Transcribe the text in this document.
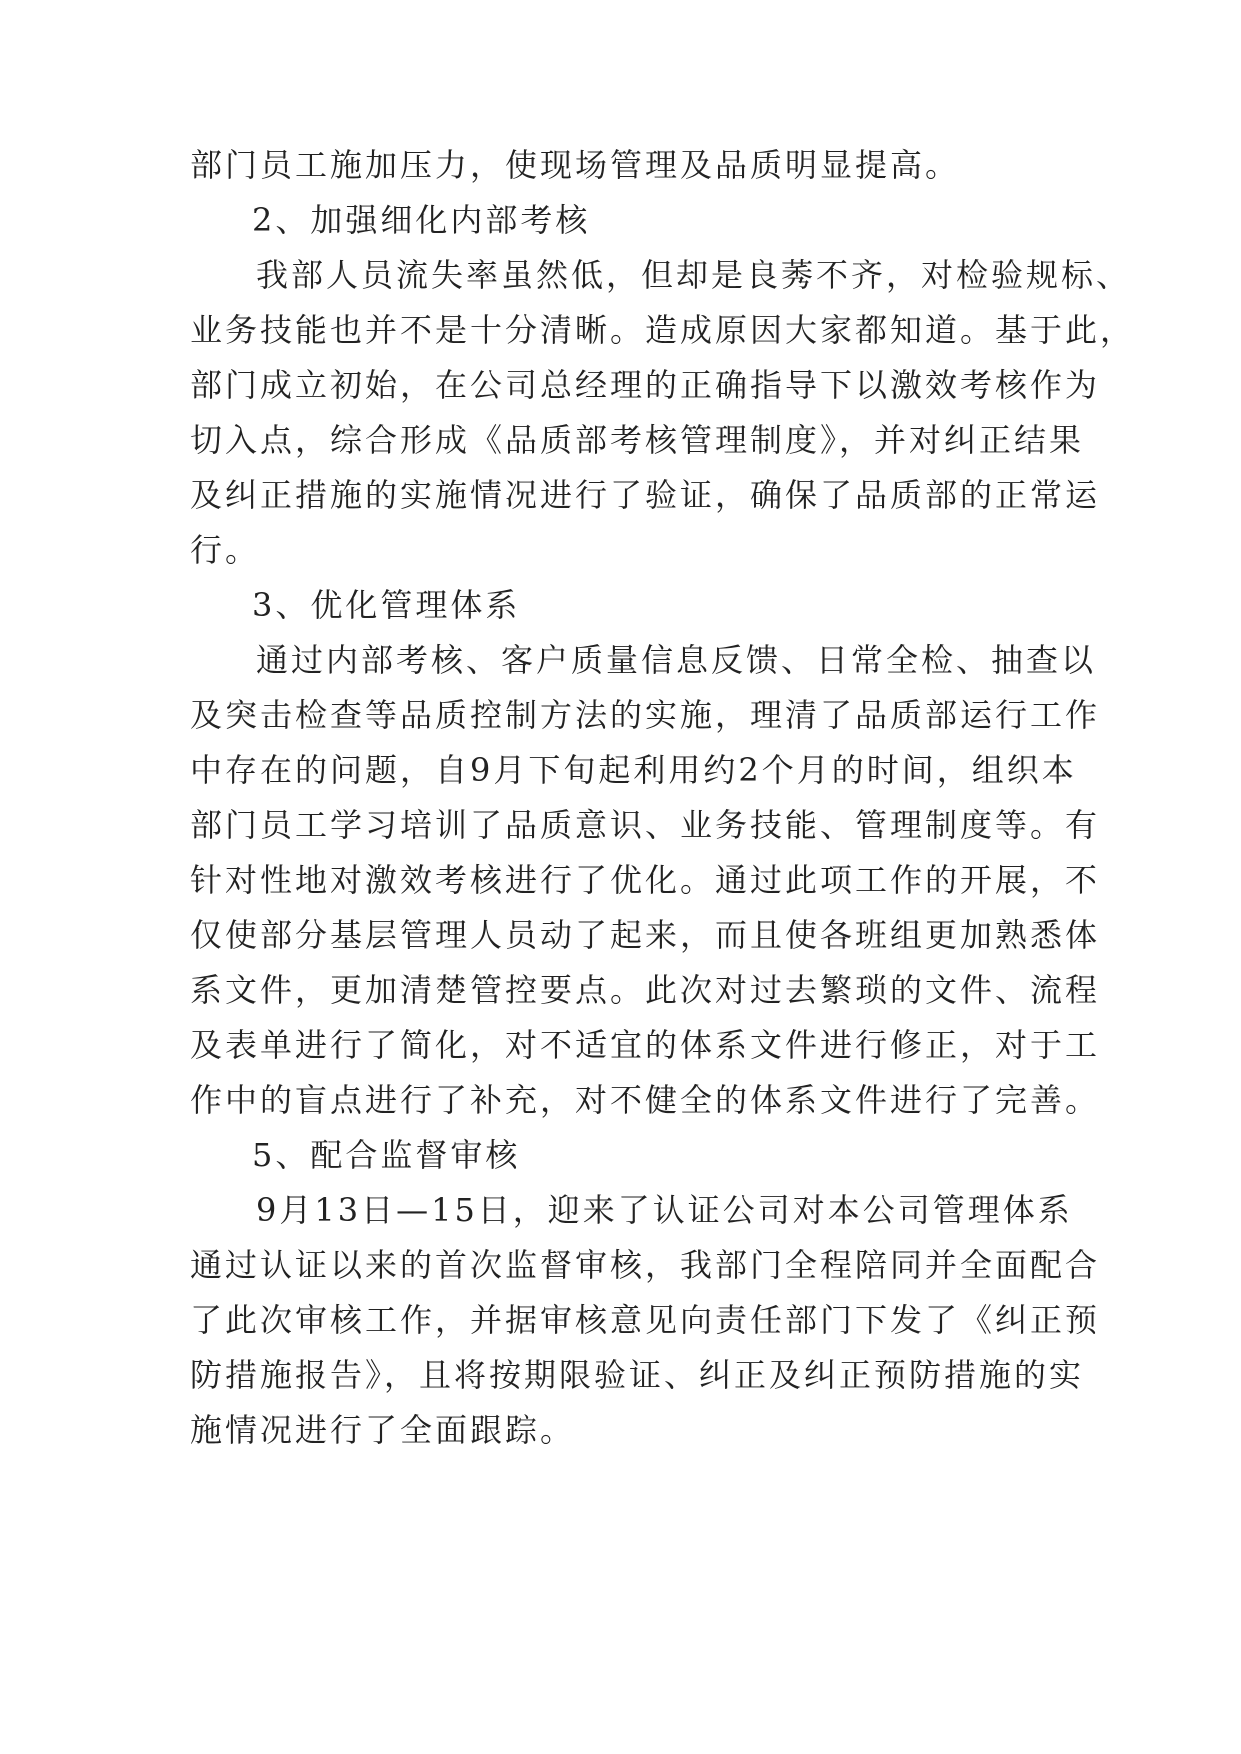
部门员工施加压力，使现场管理及品质明显提高。
2、加强细化内部考核
我部人员流失率虽然低，但却是良莠不齐，对检验规标、
业务技能也并不是十分清晰。造成原因大家都知道。基于此，
部门成立初始，在公司总经理的正确指导下以激效考核作为
切入点，综合形成《品质部考核管理制度》，并对纠正结果
及纠正措施的实施情况进行了验证，确保了品质部的正常运
行。
3、优化管理体系
通过内部考核、客户质量信息反馈、日常全检、抽查以
及突击检查等品质控制方法的实施，理清了品质部运行工作
中存在的问题，自9月下旬起利用约2个月的时间，组织本
部门员工学习培训了品质意识、业务技能、管理制度等。有
针对性地对激效考核进行了优化。通过此项工作的开展，不
仅使部分基层管理人员动了起来，而且使各班组更加熟悉体
系文件，更加清楚管控要点。此次对过去繁琐的文件、流程
及表单进行了简化，对不适宜的体系文件进行修正，对于工
作中的盲点进行了补充，对不健全的体系文件进行了完善。
5、配合监督审核
9月13日—15日，迎来了认证公司对本公司管理体系
通过认证以来的首次监督审核，我部门全程陪同并全面配合
了此次审核工作，并据审核意见向责任部门下发了《纠正预
防措施报告》，且将按期限验证、纠正及纠正预防措施的实
施情况进行了全面跟踪。
